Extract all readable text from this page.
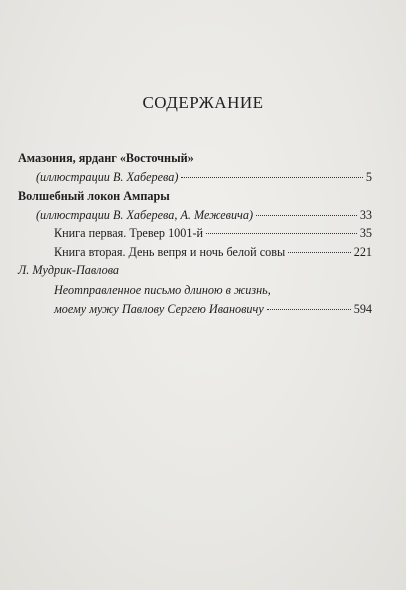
СОДЕРЖАНИЕ
Амазония, ярданг «Восточный»
(иллюстрации В. Хаберева)	5
Волшебный локон Ампары
(иллюстрации В. Хаберева, А. Межевича)	33
Книга первая. Тревер 1001-й	35
Книга вторая. День вепря и ночь белой совы	221
Л. Мудрик-Павлова
Неотправленное письмо длиною в жизнь,
моему мужу Павлову Сергею Ивановичу	594
